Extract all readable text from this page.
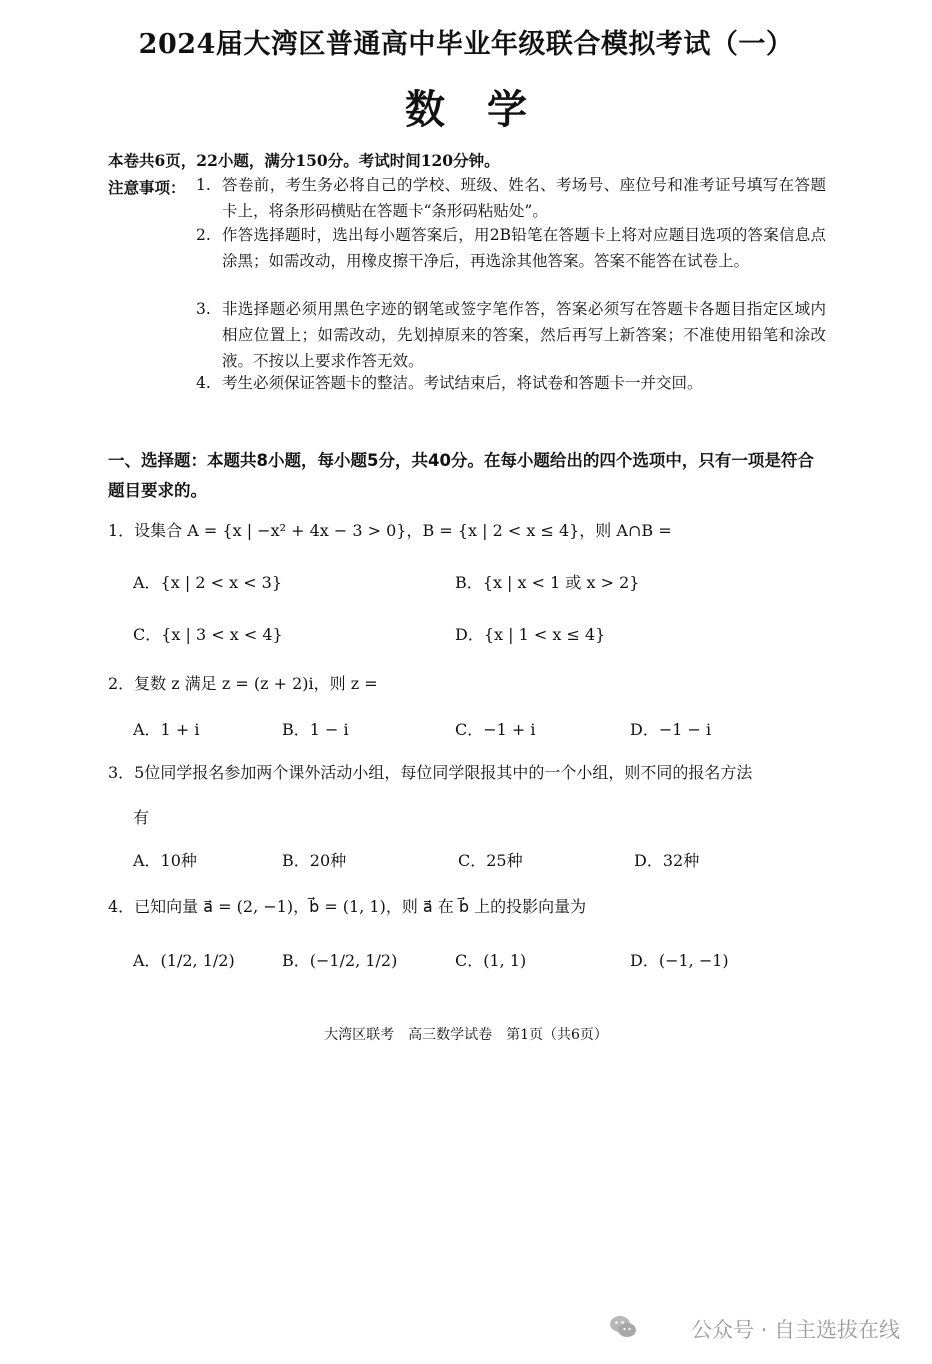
2024届大湾区普通高中毕业年级联合模拟考试（一）
数学
本卷共6页，22小题，满分150分。考试时间120分钟。
注意事项： 1. 答卷前，考生务必将自己的学校、班级、姓名、考场号、座位号和准考证号填写在答题卡上，将条形码横贴在答题卡“条形码粘贴处”。
2. 作答选择题时，选出每小题答案后，用2B铅笔在答题卡上将对应题目选项的答案信息点涂黑；如需改动，用橡皮擦干净后，再选涂其他答案。答案不能答在试卷上。
3. 非选择题必须用黑色字迹的钢笔或签字笔作答，答案必须写在答题卡各题目指定区域内相应位置上；如需改动，先划掉原来的答案，然后再写上新答案；不准使用铅笔和涂改液。不按以上要求作答无效。
4. 考生必须保证答题卡的整洁。考试结束后，将试卷和答题卡一并交回。
一、选择题：本题共8小题，每小题5分，共40分。在每小题给出的四个选项中，只有一项是符合题目要求的。
1．设集合 A = {x | −x² + 4x − 3 > 0}，B = {x | 2 < x ≤ 4}，则 A∩B =
A．{x | 2 < x < 3}	B．{x | x < 1 或 x > 2}
C．{x | 3 < x < 4}	D．{x | 1 < x ≤ 4}
2．复数 z 满足 z = (z + 2)i，则 z =
A．1 + i	B．1 − i	C．−1 + i	D．−1 − i
3．5位同学报名参加两个课外活动小组，每位同学限报其中的一个小组，则不同的报名方法
有
A．10种	B．20种	C．25种	D．32种
4．已知向量 a⃗ = (2, −1)，b⃗ = (1, 1)，则 a⃗ 在 b⃗ 上的投影向量为
A．(1/2, 1/2)	B．(−1/2, 1/2)	C．(1, 1)	D．(−1, −1)
大湾区联考　高三数学试卷　第1页（共6页）
公众号 · 自主选拔在线
